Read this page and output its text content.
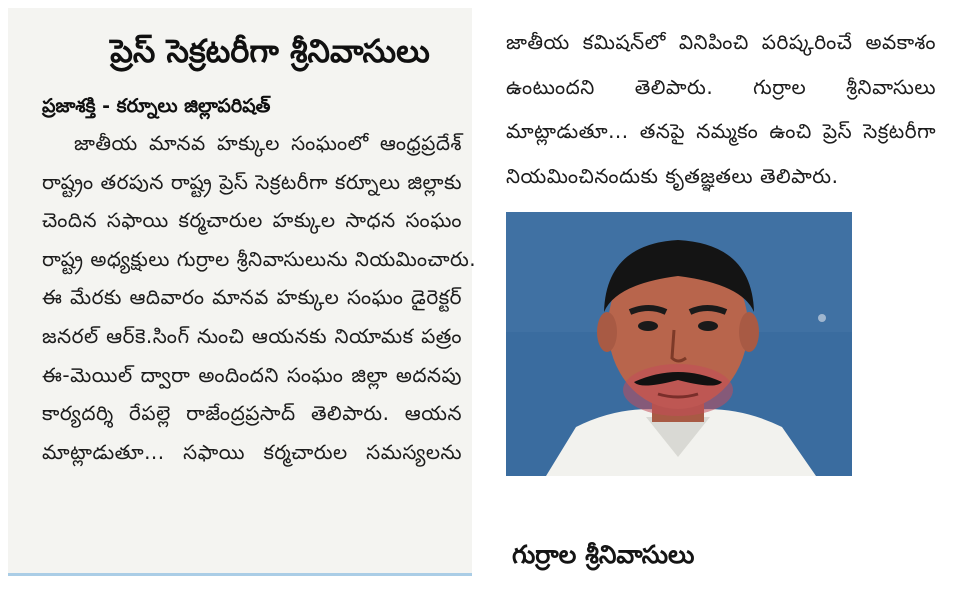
ప్రెస్ సెక్రటరీగా శ్రీనివాసులు
ప్రజాశక్తి - కర్నూలు జిల్లాపరిషత్
జాతీయ మానవ హక్కుల సంఘంలో ఆంధ్రప్రదేశ్
రాష్ట్రం తరపున రాష్ట్ర ప్రెస్ సెక్రటరీగా కర్నూలు జిల్లాకు
చెందిన సఫాయి కర్మచారుల హక్కుల సాధన సంఘం
రాష్ట్ర అధ్యక్షులు గుర్రాల శ్రీనివాసులును నియమించారు.
ఈ మేరకు ఆదివారం మానవ హక్కుల సంఘం డైరెక్టర్
జనరల్ ఆర్‌కె.సింగ్ నుంచి ఆయనకు నియామక పత్రం
ఈ-మెయిల్ ద్వారా అందిందని సంఘం జిల్లా అదనపు
కార్యదర్శి రేపల్లె రాజేంద్రప్రసాద్ తెలిపారు. ఆయన
మాట్లాడుతూ... సఫాయి కర్మచారుల సమస్యలను
జాతీయ కమిషన్‌లో వినిపించి పరిష్కరించే అవకాశం
ఉంటుందని తెలిపారు. గుర్రాల శ్రీనివాసులు
మాట్లాడుతూ... తనపై నమ్మకం ఉంచి ప్రెస్ సెక్రటరీగా
నియమించినందుకు కృతజ్ఞతలు తెలిపారు.
గుర్రాల శ్రీనివాసులు
